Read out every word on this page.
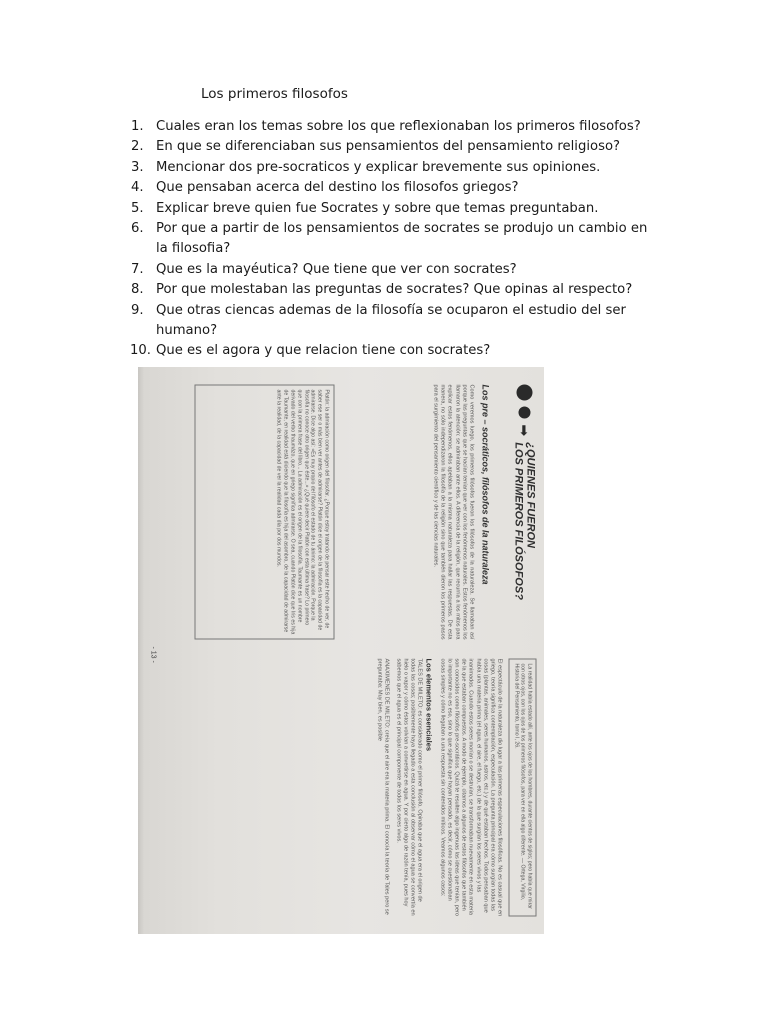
Los primeros filosofos
1. Cuales eran los temas sobre los que reflexionaban los primeros filosofos?
2. En que se diferenciaban sus pensamientos del pensamiento religioso?
3. Mencionar dos pre-socraticos y explicar brevemente sus opiniones.
4. Que pensaban acerca del destino los filosofos griegos?
5. Explicar breve quien fue Socrates y sobre que temas preguntaban.
6. Por que a partir de los pensamientos de socrates se produjo un cambio en la filosofia?
7. Que es la mayéutica? Que tiene que ver con socrates?
8. Por que molestaban las preguntas de socrates? Que opinas al respecto?
9. Que otras ciencas ademas de la filosofía se ocuparon el estudio del ser humano?
10. Que es el agora y que relacion tiene con socrates?
➡
¿QUIENES FUERON
LOS PRIMEROS FILÓSOFOS?
Los pre – socráticos, filósofos de la naturaleza
Como veremos luego, los primeros filósofos fueron los filósofos de la naturaleza. Se llamaban así porque las preguntas que se hacían tenían que ver con los fenómenos naturales. Estos fenómenos los llamaron la atención: se admiraban ante ellos. A diferencia de la religión, que recurría a los mitos para explicar estos fenómenos, ellos apelaban a la misma naturaleza para hallar las respuestas. De esta manera, no sólo independizaron la filosofía de la religión sino que también dieron los primeros pasos para el surgimiento del pensamiento científico y de las ciencias naturales.
Platón: la admiración como origen del filosofar. ¿Porque estoy tratando de pensar este hecho de ver, de saber ese ser o más bien ver antes de admirarse? Platón dice el origen de la filosofía es la capacidad de admirarse. Dice algo así: «Es muy propio del filósofo el estado de tu ánimo: la admiración. Porque la filosofía no conoce otro origen que éste...» ¿Qué quiere decir Platón con esta última frase? Lo primero que con la primera frase del libro... La admiración es el origen de la filosofía. Taumante es un nombre derivado del verbo thaumázo, que en griego significa admirarse. O sea, cuando Platón dice que Iris es hija de Taumante, en realidad está diciendo que la filosofía es hija del asombro, de la capacidad de admirarse ante la realidad, de la capacidad de ver la realidad cada día por dos mundos.
La realidad había estado allí, ante los ojos de los hombres, durante cientos de siglos; pero había que mirar con otros ojos, con los ojos de los primeros filósofos, para ver en ella algo diferente. — Ortega, Virgilio, Historia del Pensamiento, tomo I, 26.
El espectáculo de la naturaleza dio lugar a las primeras especulaciones filosóficas. No es casual que en griego, teoría significa contemplación, especulación. La pregunta principal era cómo surgían todas las cosas (plantas, animales, seres humanos, astros, etc.) y de qué estaban hechos. Todos pensaban que había una materia prima (el agua, el aire, el fuego, etc.) de la que surgían los seres vivos y las inanimados. Cuando estos seres morían o se destruían, se transformaban nuevamente en esta materia de la que estaban compuestos. A modo de ejemplo, citamos a algunos de estos filósofos que también son conocidos como filósofos pre-socráticos. Quizá te resulten algo ingenuas las ideas que tenían, pero lo importante no es eso, sino lo que significa que hayan pensado, es decir, cómo se cuestionaban cosas simples y cómo llegaban a una respuesta sin contenidos míticos. Veamos algunos casos:
Los elementos esenciales
TALES DE MILETO: es considerado como el primer filósofo. Opinaba que el agua era el origen de todas las cosas; posiblemente haya llegado a esta conclusión al observar cómo el agua se convertía en hielo o vapor y cómo éstos volvían a convertirse en agua. Y por cierto algo de razón tenía, pues hoy sabemos que el agua es el principal componente de todos los seres vivos.
ANAXIMENES DE MILETO: creía que el aire era la materia prima. El conocía la teoría de Tales pero se preguntaba: Muy bien, es posible
- 13 -
